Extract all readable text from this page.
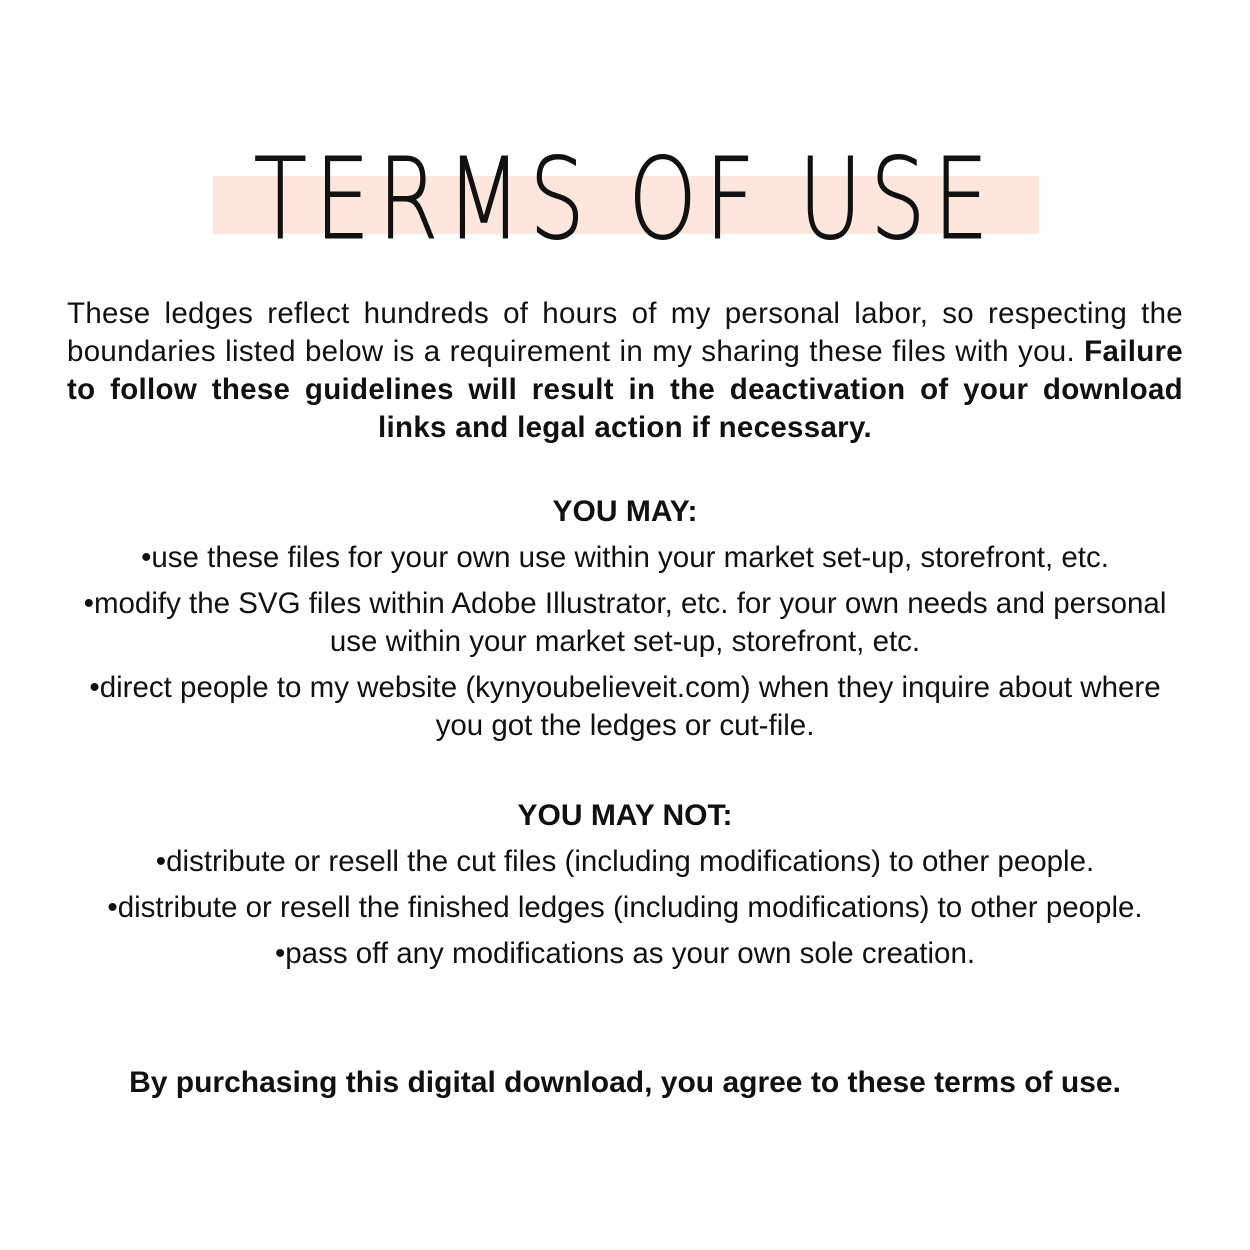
TERMS OF USE
These ledges reflect hundreds of hours of my personal labor, so respecting the boundaries listed below is a requirement in my sharing these files with you. Failure to follow these guidelines will result in the deactivation of your download links and legal action if necessary.
YOU MAY:
•use these files for your own use within your market set-up, storefront, etc.
•modify the SVG files within Adobe Illustrator, etc. for your own needs and personal use within your market set-up, storefront, etc.
•direct people to my website (kynyoubelieveit.com) when they inquire about where you got the ledges or cut-file.
YOU MAY NOT:
•distribute or resell the cut files (including modifications) to other people.
•distribute or resell the finished ledges (including modifications) to other people.
•pass off any modifications as your own sole creation.
By purchasing this digital download, you agree to these terms of use.
